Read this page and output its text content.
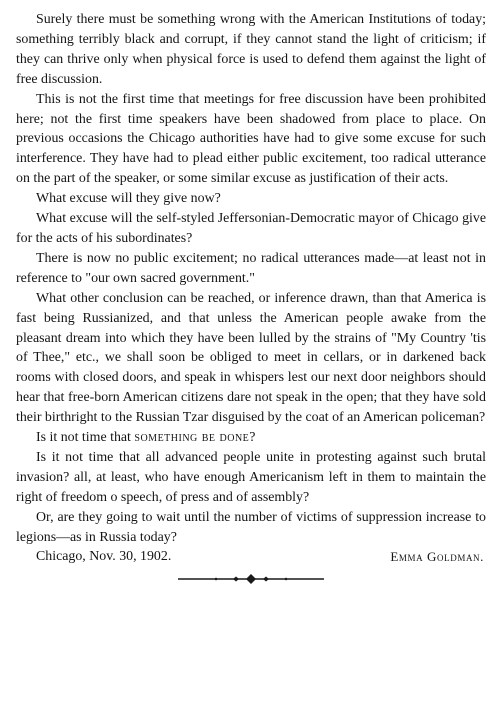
Surely there must be something wrong with the American Institutions of today; something terribly black and corrupt, if they cannot stand the light of criticism; if they can thrive only when physical force is used to defend them against the light of free discussion.

This is not the first time that meetings for free discussion have been prohibited here; not the first time speakers have been shadowed from place to place. On previous occasions the Chicago authorities have had to give some excuse for such interference. They have had to plead either public excitement, too radical utterance on the part of the speaker, or some similar excuse as justification of their acts.

What excuse will they give now?

What excuse will the self-styled Jeffersonian-Democratic mayor of Chicago give for the acts of his subordinates?

There is now no public excitement; no radical utterances made—at least not in reference to "our own sacred government."

What other conclusion can be reached, or inference drawn, than that America is fast being Russianized, and that unless the American people awake from the pleasant dream into which they have been lulled by the strains of "My Country 'tis of Thee," etc., we shall soon be obliged to meet in cellars, or in darkened back rooms with closed doors, and speak in whispers lest our next door neighbors should hear that free-born American citizens dare not speak in the open; that they have sold their birthright to the Russian Tzar disguised by the coat of an American policeman?

Is it not time that something be done?

Is it not time that all advanced people unite in protesting against such brutal invasion? all, at least, who have enough Americanism left in them to maintain the right of freedom o speech, of press and of assembly?

Or, are they going to wait until the number of victims of suppression increase to legions—as in Russia today?

Chicago, Nov. 30, 1902.	Emma Goldman.
